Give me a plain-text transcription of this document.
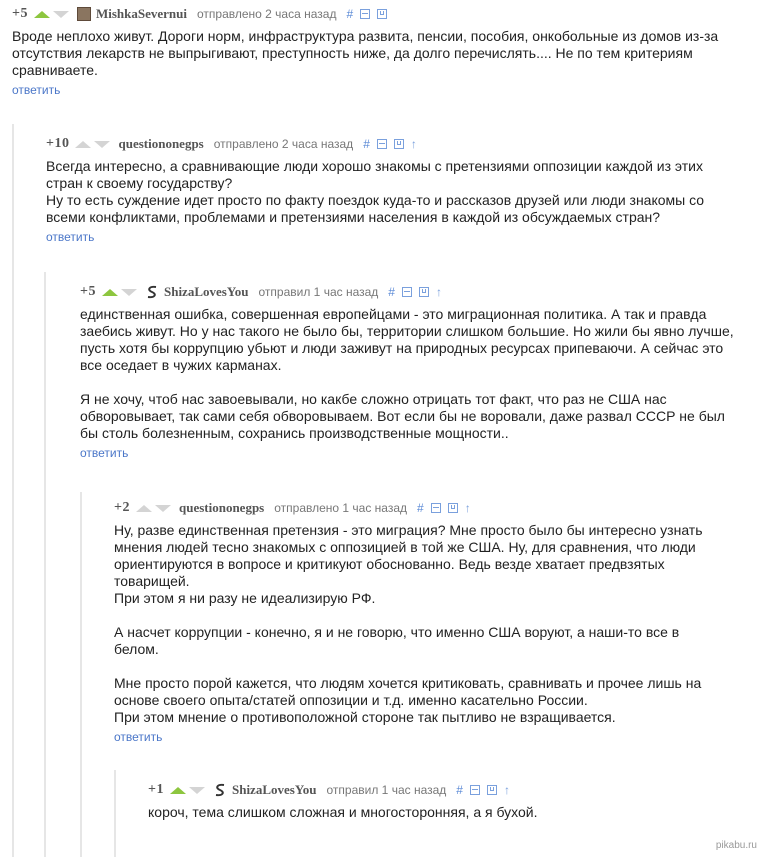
+5	MishkaSevernui отправлено 2 часа назад #

Вроде неплохо живут. Дороги норм, инфраструктура развита, пенсии, пособия, онкобольные из домов из-за отсутствия лекарств не выпрыгивают, преступность ниже, да долго перечислять.... Не по тем критериям сравниваете.

ответить
+10	questiononegps отправлено 2 часа назад #	↑

Всегда интересно, а сравнивающие люди хорошо знакомы с претензиями оппозиции каждой из этих стран к своему государству?

Ну то есть суждение идет просто по факту поездок куда-то и рассказов друзей или люди знакомы со всеми конфликтами, проблемами и претензиями населения в каждой из обсуждаемых стран?

ответить
+5	ShizaLovesYou отправил 1 час назад #	↑

единственная ошибка, совершенная европейцами - это миграционная политика. А так и правда заебись живут. Но у нас такого не было бы, территории слишком большие. Но жили бы явно лучше, пусть хотя бы коррупцию убьют и люди заживут на природных ресурсах припеваючи. А сейчас это все оседает в чужих карманах.

Я не хочу, чтоб нас завоевывали, но какбе сложно отрицать тот факт, что раз не США нас обворовывает, так сами себя обворовываем. Вот если бы не воровали, даже развал СССР не был бы столь болезненным, сохранись производственные мощности..

ответить
+2	questiononegps отправлено 1 час назад #	↑

Ну, разве единственная претензия - это миграция? Мне просто было бы интересно узнать мнения людей тесно знакомых с оппозицией в той же США. Ну, для сравнения, что люди ориентируются в вопросе и критикуют обоснованно. Ведь везде хватает предвзятых товарищей.

При этом я ни разу не идеализирую РФ.

А насчет коррупции - конечно, я и не говорю, что именно США воруют, а наши-то все в белом.

Мне просто порой кажется, что людям хочется критиковать, сравнивать и прочее лишь на основе своего опыта/статей оппозиции и т.д. именно касательно России.

При этом мнение о противоположной стороне так пытливо не взращивается.

ответить
+1	ShizaLovesYou отправил 1 час назад #	↑

короч, тема слишком сложная и многосторонняя, а я бухой.

pikabu.ru
